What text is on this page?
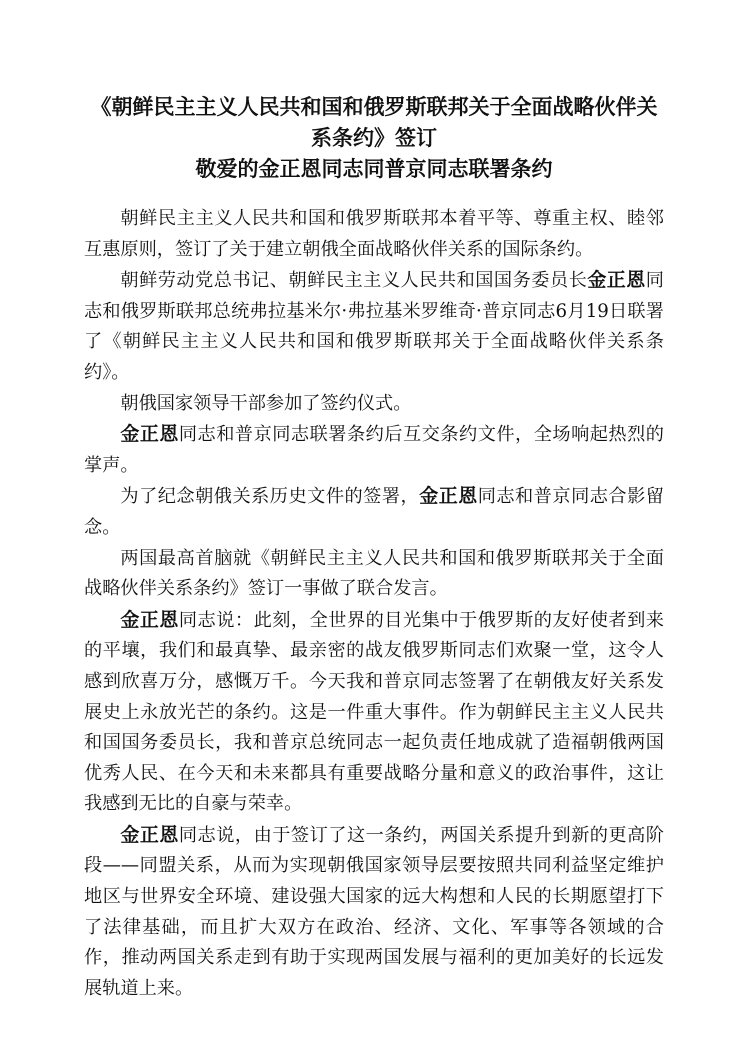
《朝鲜民主主义人民共和国和俄罗斯联邦关于全面战略伙伴关系条约》签订
敬爱的金正恩同志同普京同志联署条约

朝鲜民主主义人民共和国和俄罗斯联邦本着平等、尊重主权、睦邻互惠原则，签订了关于建立朝俄全面战略伙伴关系的国际条约。

朝鲜劳动党总书记、朝鲜民主主义人民共和国国务委员长金正恩同志和俄罗斯联邦总统弗拉基米尔·弗拉基米罗维奇·普京同志6月19日联署了《朝鲜民主主义人民共和国和俄罗斯联邦关于全面战略伙伴关系条约》。

朝俄国家领导干部参加了签约仪式。

金正恩同志和普京同志联署条约后互交条约文件，全场响起热烈的掌声。

为了纪念朝俄关系历史文件的签署，金正恩同志和普京同志合影留念。

两国最高首脑就《朝鲜民主主义人民共和国和俄罗斯联邦关于全面战略伙伴关系条约》签订一事做了联合发言。

金正恩同志说：此刻，全世界的目光集中于俄罗斯的友好使者到来的平壤，我们和最真挚、最亲密的战友俄罗斯同志们欢聚一堂，这令人感到欣喜万分，感慨万千。今天我和普京同志签署了在朝俄友好关系发展史上永放光芒的条约。这是一件重大事件。作为朝鲜民主主义人民共和国国务委员长，我和普京总统同志一起负责任地成就了造福朝俄两国优秀人民、在今天和未来都具有重要战略分量和意义的政治事件，这让我感到无比的自豪与荣幸。

金正恩同志说，由于签订了这一条约，两国关系提升到新的更高阶段——同盟关系，从而为实现朝俄国家领导层要按照共同利益坚定维护地区与世界安全环境、建设强大国家的远大构想和人民的长期愿望打下了法律基础，而且扩大双方在政治、经济、文化、军事等各领域的合作，推动两国关系走到有助于实现两国发展与福利的更加美好的长远发展轨道上来。
